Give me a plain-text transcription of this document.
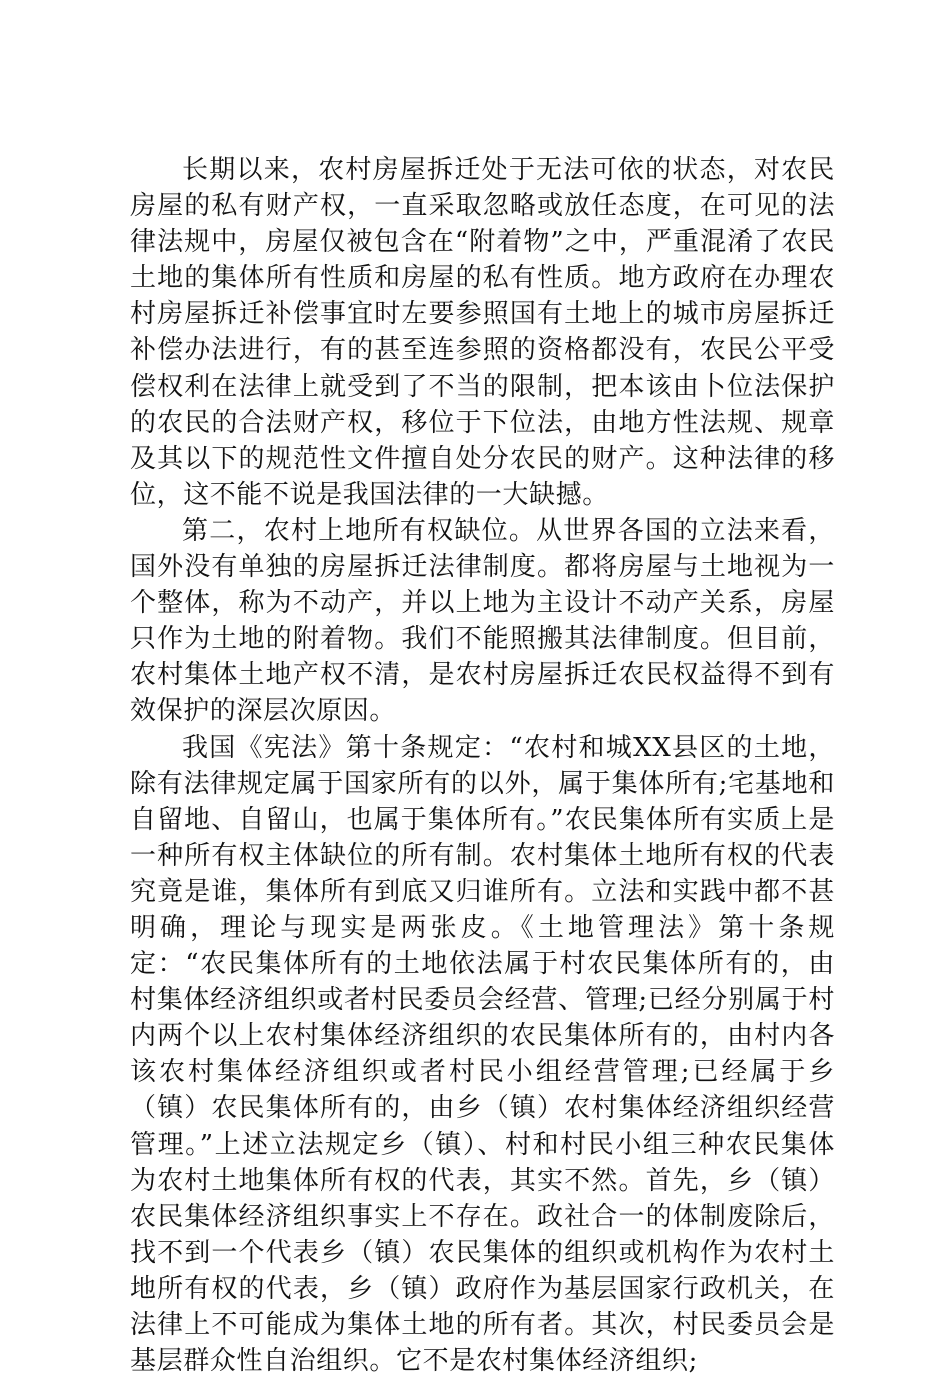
长期以来，农村房屋拆迁处于无法可依的状态，对农民房屋的私有财产权，一直采取忽略或放任态度，在可见的法律法规中，房屋仅被包含在“附着物”之中，严重混淆了农民土地的集体所有性质和房屋的私有性质。地方政府在办理农村房屋拆迁补偿事宜时左要参照国有土地上的城市房屋拆迁补偿办法进行，有的甚至连参照的资格都没有，农民公平受偿权利在法律上就受到了不当的限制，把本该由卜位法保护的农民的合法财产权，移位于下位法，由地方性法规、规章及其以下的规范性文件擅自处分农民的财产。这种法律的移位，这不能不说是我国法律的一大缺撼。

第二，农村上地所有权缺位。从世界各国的立法来看，国外没有单独的房屋拆迁法律制度。都将房屋与土地视为一个整体，称为不动产，并以上地为主设计不动产关系，房屋只作为土地的附着物。我们不能照搬其法律制度。但目前，农村集体土地产权不清，是农村房屋拆迁农民权益得不到有效保护的深层次原因。

我国《宪法》第十条规定：“农村和城XX县区的土地，除有法律规定属于国家所有的以外，属于集体所有;宅基地和自留地、自留山，也属于集体所有。”农民集体所有实质上是一种所有权主体缺位的所有制。农村集体土地所有权的代表究竟是谁，集体所有到底又归谁所有。立法和实践中都不甚明确，理论与现实是两张皮。《土地管理法》第十条规定：“农民集体所有的土地依法属于村农民集体所有的，由村集体经济组织或者村民委员会经营、管理;已经分别属于村内两个以上农村集体经济组织的农民集体所有的，由村内各该农村集体经济组织或者村民小组经营管理;已经属于乡（镇）农民集体所有的，由乡（镇）农村集体经济组织经营管理。”上述立法规定乡（镇）、村和村民小组三种农民集体为农村土地集体所有权的代表，其实不然。首先，乡（镇）农民集体经济组织事实上不存在。政社合一的体制废除后，找不到一个代表乡（镇）农民集体的组织或机构作为农村土地所有权的代表，乡（镇）政府作为基层国家行政机关，在法律上不可能成为集体土地的所有者。其次，村民委员会是基层群众性自治组织。它不是农村集体经济组织;
